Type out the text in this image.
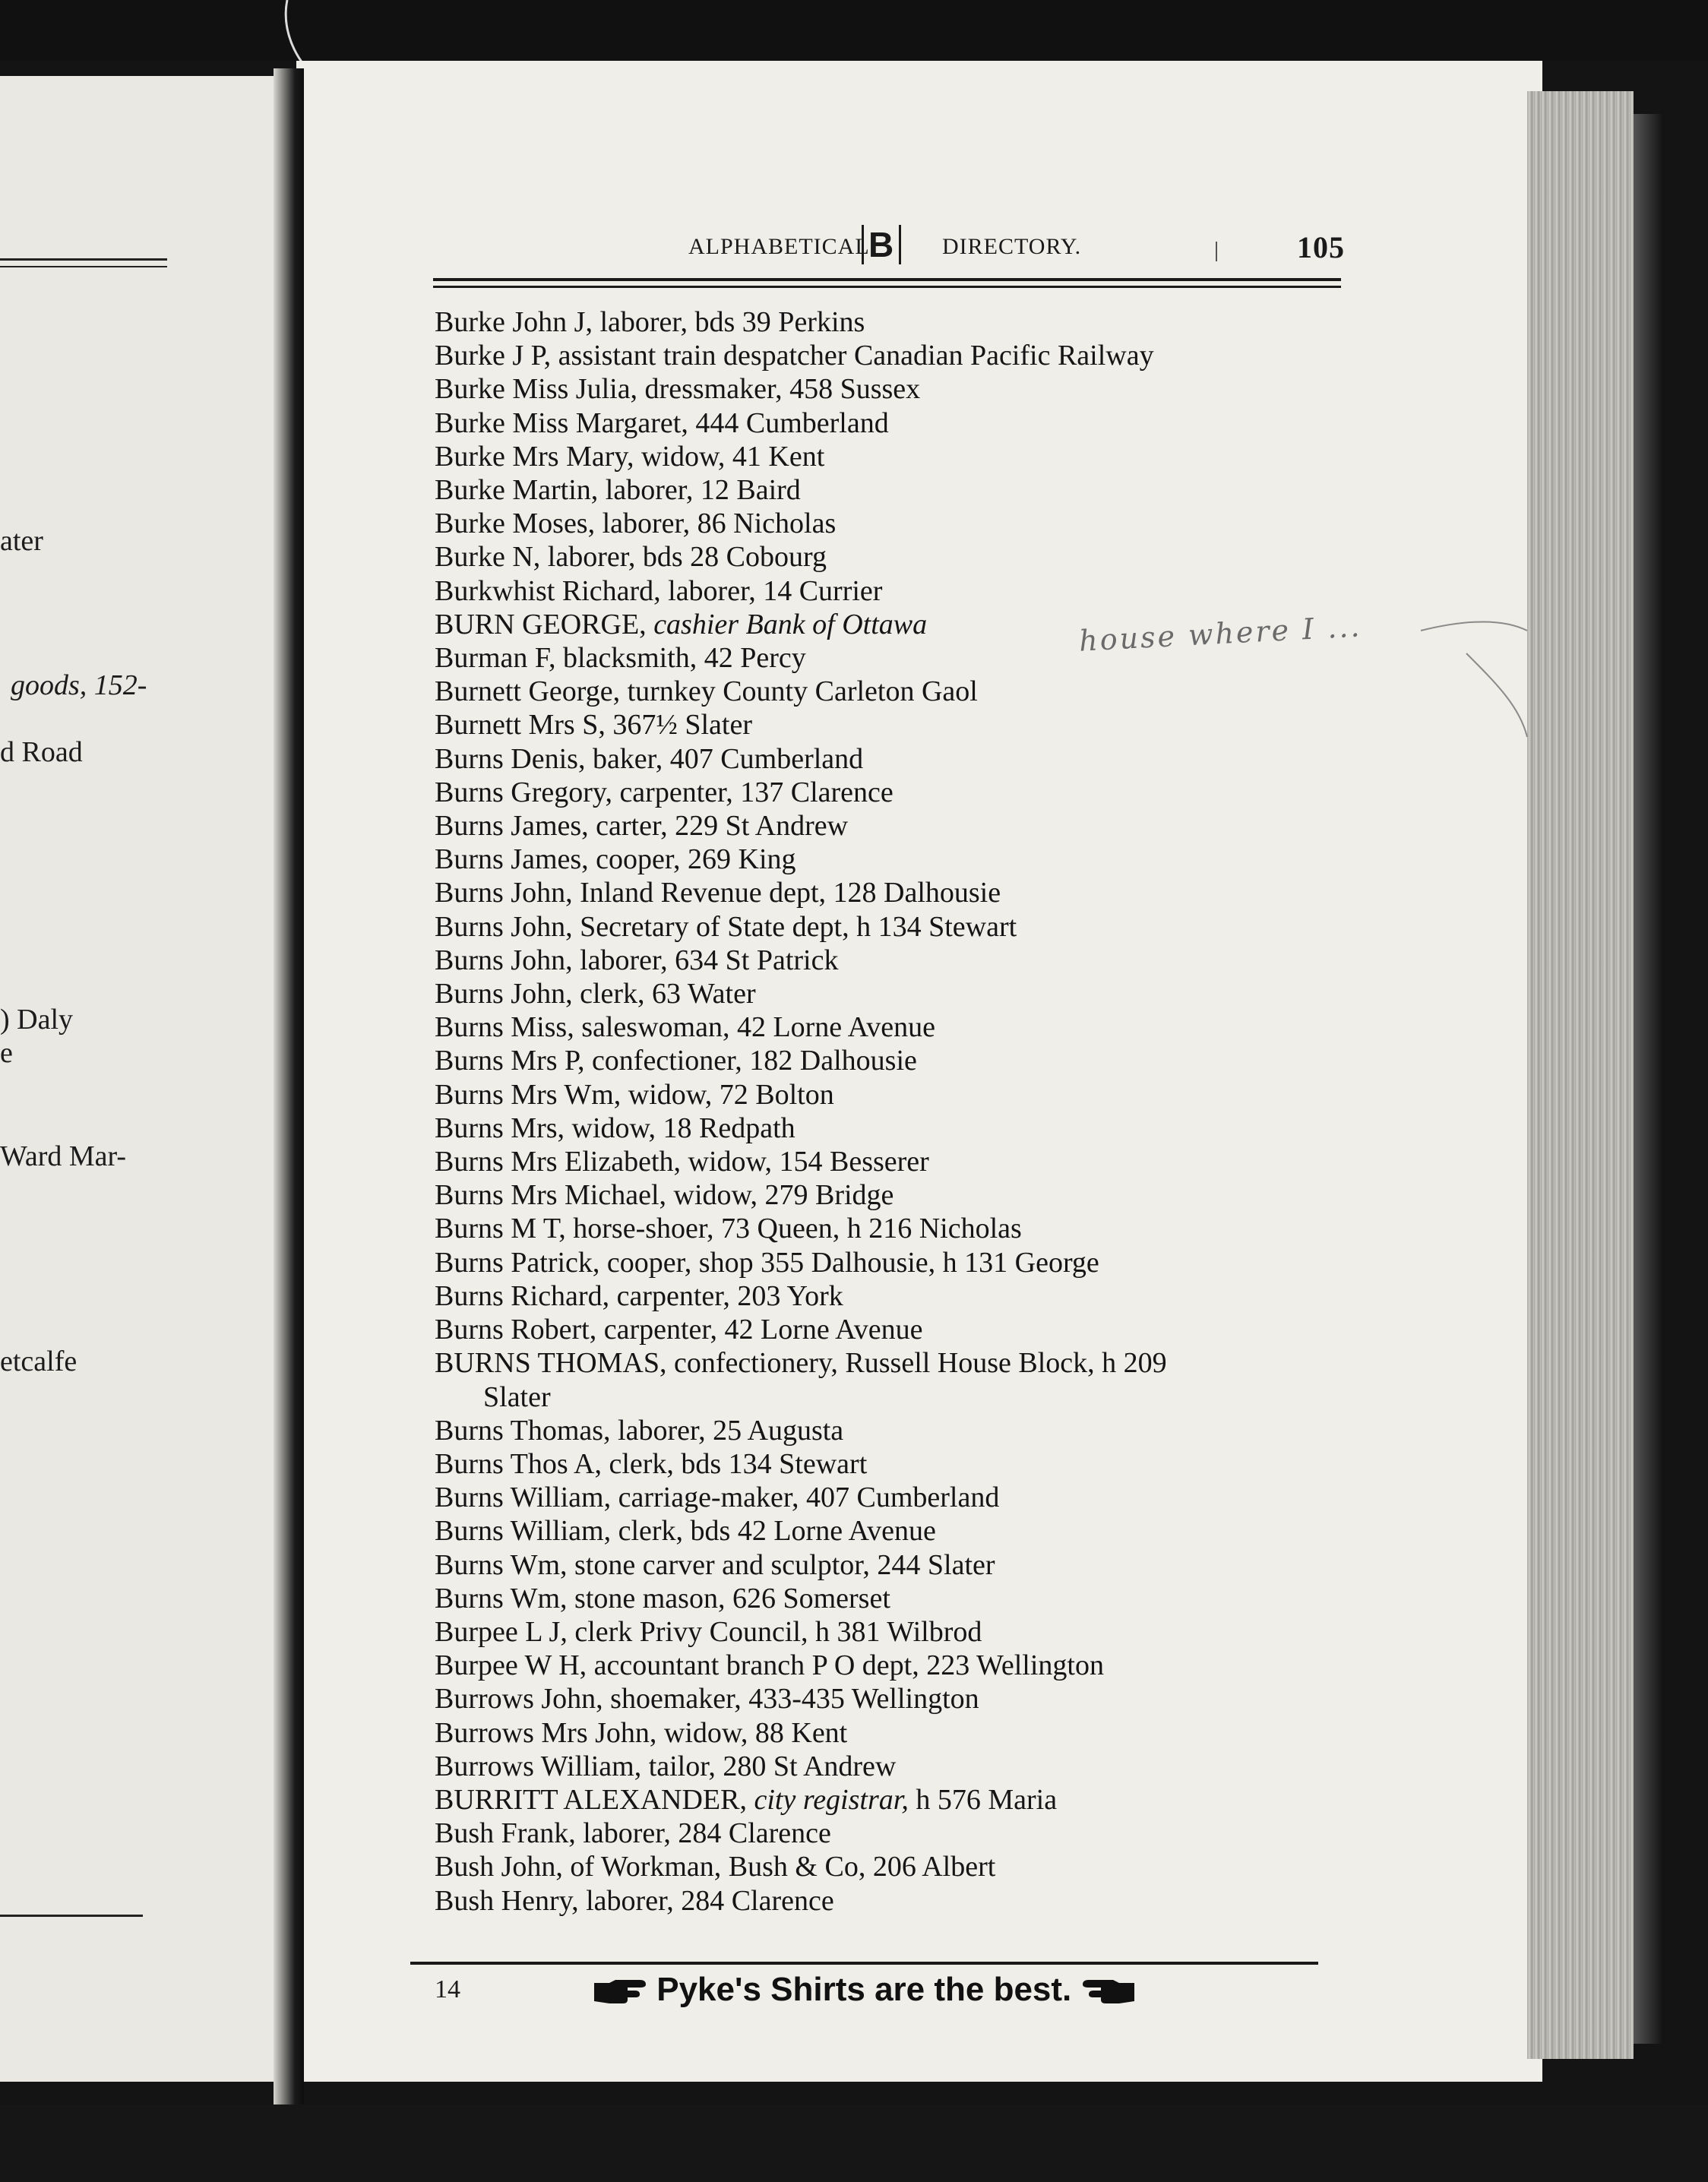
ater
goods, 152-
d Road
) Daly
e
Ward Mar-
etcalfe
ALPHABETICAL
B	DIRECTORY.	105
Burke John J, laborer, bds 39 Perkins
Burke J P, assistant train despatcher Canadian Pacific Railway
Burke Miss Julia, dressmaker, 458 Sussex
Burke Miss Margaret, 444 Cumberland
Burke Mrs Mary, widow, 41 Kent
Burke Martin, laborer, 12 Baird
Burke Moses, laborer, 86 Nicholas
Burke N, laborer, bds 28 Cobourg
Burkwhist Richard, laborer, 14 Currier
BURN GEORGE, cashier Bank of Ottawa
Burman F, blacksmith, 42 Percy
Burnett George, turnkey County Carleton Gaol
Burnett Mrs S, 367½ Slater
Burns Denis, baker, 407 Cumberland
Burns Gregory, carpenter, 137 Clarence
Burns James, carter, 229 St Andrew
Burns James, cooper, 269 King
Burns John, Inland Revenue dept, 128 Dalhousie
Burns John, Secretary of State dept, h 134 Stewart
Burns John, laborer, 634 St Patrick
Burns John, clerk, 63 Water
Burns Miss, saleswoman, 42 Lorne Avenue
Burns Mrs P, confectioner, 182 Dalhousie
Burns Mrs Wm, widow, 72 Bolton
Burns Mrs, widow, 18 Redpath
Burns Mrs Elizabeth, widow, 154 Besserer
Burns Mrs Michael, widow, 279 Bridge
Burns M T, horse-shoer, 73 Queen, h 216 Nicholas
Burns Patrick, cooper, shop 355 Dalhousie, h 131 George
Burns Richard, carpenter, 203 York
Burns Robert, carpenter, 42 Lorne Avenue
BURNS THOMAS, confectionery, Russell House Block, h 209
Slater
Burns Thomas, laborer, 25 Augusta
Burns Thos A, clerk, bds 134 Stewart
Burns William, carriage-maker, 407 Cumberland
Burns William, clerk, bds 42 Lorne Avenue
Burns Wm, stone carver and sculptor, 244 Slater
Burns Wm, stone mason, 626 Somerset
Burpee L J, clerk Privy Council, h 381 Wilbrod
Burpee W H, accountant branch P O dept, 223 Wellington
Burrows John, shoemaker, 433-435 Wellington
Burrows Mrs John, widow, 88 Kent
Burrows William, tailor, 280 St Andrew
BURRITT ALEXANDER, city registrar, h 576 Maria
Bush Frank, laborer, 284 Clarence
Bush John, of Workman, Bush & Co, 206 Albert
Bush Henry, laborer, 284 Clarence
house where I ...
14	Pyke's Shirts are the best.
